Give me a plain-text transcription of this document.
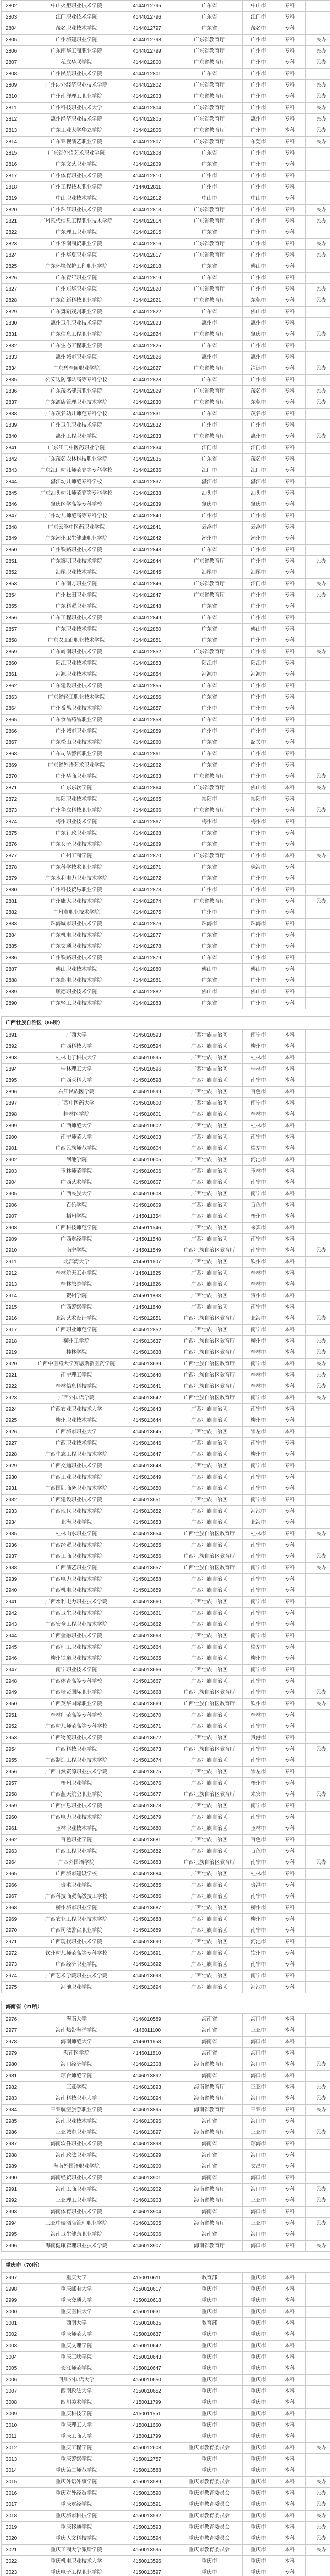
2802	中山火炬职业技术学院	4144012795	广东省	中山市	专科	
2803	江门职业技术学院	4144012796	广东省	江门市	专科	
2804	茂名职业技术学院	4144012797	广东省	茂名市	专科	
2805	广州城建职业学院	4144012798	广东省教育厅	广州市	专科	民办
2806	广东南华工商职业学院	4144012799	广东省教育厅	广州市	专科	民办
2807	私立华联学院	4144012800	广东省教育厅	广州市	专科	民办
2808	广州民航职业技术学院	4144012801	广东省	广州市	专科	
2809	广州涉外经济职业技术学院	4144012802	广东省教育厅	广州市	专科	民办
2810	广州南洋理工职业学院	4144012803	广东省教育厅	广州市	专科	民办
2811	广州科技职业技术大学	4144012804	广东省教育厅	广州市	专科	民办
2812	惠州经济职业技术学院	4144012805	广东省教育厅	惠州市	专科	民办
2813	广东工业大学华立学院	4144012806	广东省教育厅	广州市	本科	民办
2814	广东亚视演艺职业学院	4144012807	广东省教育厅	东莞市	专科	民办
2815	广东省外语艺术职业学院	4144012808	广东省	广州市	专科	
2816	广东文艺职业学院	4144012809	广东省	广州市	专科	
2817	广州体育职业技术学院	4144012810	广州市	广州市	专科	
2818	广州工程技术职业学院	4144012811	广州市	广州市	专科	
2819	中山职业技术学院	4144012812	中山市	中山市	专科	
2820	广州珠江职业技术学院	4144012813	广东省教育厅	广州市	专科	民办
2821	广州现代信息工程职业技术学院	4144012814	广东省教育厅	广州市	专科	民办
2822	广东理工职业学院	4144012815	广东省	广州市	专科	
2823	广州华南商贸职业学院	4144012816	广东省教育厅	广州市	专科	民办
2824	广州华夏职业学院	4144012817	广东省教育厅	广州市	专科	民办
2825	广东环境保护工程职业学院	4144012818	广东省	佛山市	专科	
2826	广东青年职业学院	4144012819	广东省	广州市	专科	
2827	广州东华职业学院	4144012820	广东省教育厅	广州市	专科	民办
2828	广东创新科技职业学院	4144012821	广东省教育厅	东莞市	专科	民办
2829	广东舞蹈戏剧职业学院	4144012822	广东省	佛山市	专科	
2830	惠州卫生职业技术学院	4144012823	惠州市	惠州市	专科	
2831	广东信息工程职业学院	4144012824	广东省教育厅	肇庆市	专科	民办
2832	广东生态工程职业学院	4144012825	广东省	广州市	专科	
2833	惠州城市职业学院	4144012826	惠州市	惠州市	专科	
2834	广东碧桂园职业学院	4144012827	广东省教育厅	清远市	专科	民办
2835	公安边防部队高等专科学校	4144012828	广东省	广州市	专科	
2836	广东茂名健康职业学院	4144012829	广东省教育厅	茂名市	专科	民办
2837	广东酒店管理职业技术学院	4144012830	广东省教育厅	东莞市	专科	民办
2838	广东茂名幼儿师范专科学校	4144012831	广东省	茂名市	专科	
2839	广州卫生职业技术学院	4144012832	广州市	广州市	专科	
2840	惠州工程职业学院	4144012833	广东省教育厅	惠州市	专科	民办
2841	广东江门中医药职业学院	4144012834	江门市	江门市	专科	
2842	广东茂名农林科技职业学院	4144012835	广东省	茂名市	专科	
2843	广东江门幼儿师范高等专科学校	4144012836	江门市	江门市	专科	
2844	湛江幼儿师范专科学校	4144012837	湛江市	湛江市	专科	
2845	广东汕头幼儿师范高等专科学校	4144012838	汕头市	汕头市	专科	
2846	肇庆医学高等专科学校	4144012839	肇庆市	肇庆市	专科	
2847	广州幼儿师范高等专科学校	4144012840	广州市	广州市	专科	
2848	广东云浮中医药职业学院	4144012841	云浮市	云浮市	专科	
2849	广东潮州卫生健康职业学院	4144012842	潮州市	潮州市	专科	
2850	广州铁路职业技术学院	4144012843	广东省	广州市	专科	
2851	广东黎明职业技术学院	4144012844	广东省教育厅	广州市	专科	民办
2852	汕尾职业技术学院	4144012845	汕尾市	汕尾市	专科	
2853	广东南方职业学院	4144012846	广东省教育厅	江门市	专科	民办
2854	广州松田职业学院	4144012847	广东省教育厅	广州市	专科	民办
2855	广东科贸职业学院	4144012848	广东省	广州市	专科	
2856	广东工程职业技术学院	4144012849	广东省	广州市	专科	
2857	广东职业技术学院	4144012850	广东省	佛山市	专科	
2858	广东农工商职业技术学院	4144012851	广东省	广州市	专科	
2859	广东岭南职业技术学院	4144012852	广东省教育厅	广州市	专科	民办
2860	阳江职业技术学院	4144012853	阳江市	阳江市	专科	
2861	河源职业技术学院	4144012854	河源市	河源市	专科	
2862	广东建设职业技术学院	4144012855	广东省	广州市	专科	
2863	广东省轻工职业技术学院	4144012856	广东省	广州市	专科	
2864	广州番禺职业技术学院	4144012857	广州市	广州市	专科	
2865	广东食品药品职业学院	4144012858	广东省	广州市	专科	
2866	广州城市职业学院	4144012859	广州市	广州市	专科	
2867	广东松山职业技术学院	4144012860	广东省	韶关市	专科	
2868	广东司法警官职业学院	4144012861	广东省	广州市	专科	
2869	广东省外语艺术职业学院	4144012862	广东省	广州市	专科	
2870	广州华商职业学院	4144012863	广东省教育厅	广州市	专科	民办
2871	广东东软学院	4144012864	广东省教育厅	佛山市	本科	民办
2872	揭阳职业技术学院	4144012865	揭阳市	揭阳市	专科	
2873	广州华立科技职业学院	4144012866	广东省教育厅	广州市	专科	民办
2874	梅州职业技术学院	4144012867	梅州市	梅州市	专科	
2875	广东行政职业学院	4144012868	广东省	广州市	专科	
2876	广东女子职业技术学院	4144012869	广东省	广州市	专科	
2877	广州工商学院	4144012870	广东省教育厅	广州市	本科	民办
2878	广东科学技术职业学院	4144012871	广东省	珠海市	专科	
2879	广东水利电力职业技术学院	4144012872	广东省	广州市	专科	
2880	广州科技贸易职业学院	4144012873	广州市	广州市	专科	
2881	广州康大职业技术学院	4144012874	广东省教育厅	广州市	专科	民办
2882	广州市职业技术学院	4144012875	广州市	广州市	专科	
2883	珠海城市职业技术学院	4144012876	珠海市	珠海市	专科	
2884	广东机电职业技术学院	4144012877	广东省	广州市	专科	
2885	广东交通职业技术学院	4144012878	广东省	广州市	专科	
2886	广州铁路职业技术学院	4144012879	广东省	广州市	专科	
2887	佛山职业技术学院	4144012880	佛山市	佛山市	专科	
2888	广东邮电职业技术学院	4144012881	广东省	广州市	专科	
2889	顺德职业技术学院	4144012882	佛山市	佛山市	专科	
2890	广东轻工职业技术学院	4144012883	广东省	广州市	专科	

广西壮族自治区（85所）						
2891	广西大学	4145010593	广西壮族自治区	南宁市	本科	
2892	广西科技大学	4145010594	广西壮族自治区	柳州市	本科	
2893	桂林电子科技大学	4145010595	广西壮族自治区	桂林市	本科	
2894	桂林理工大学	4145010596	广西壮族自治区	桂林市	本科	
2895	广西医科大学	4145010598	广西壮族自治区	南宁市	本科	
2896	右江民族医学院	4145010599	广西壮族自治区	百色市	本科	
2897	广西中医药大学	4145010600	广西壮族自治区	南宁市	本科	
2898	桂林医学院	4145010601	广西壮族自治区	桂林市	本科	
2899	广西师范大学	4145010602	广西壮族自治区	桂林市	本科	
2900	南宁师范大学	4145010603	广西壮族自治区	南宁市	本科	
2901	广西民族师范学院	4145010604	广西壮族自治区	崇左市	本科	
2902	河池学院	4145010605	广西壮族自治区	河池市	本科	
2903	玉林师范学院	4145010606	广西壮族自治区	玉林市	本科	
2904	广西艺术学院	4145010607	广西壮族自治区	南宁市	本科	
2905	广西民族大学	4145010608	广西壮族自治区	南宁市	本科	
2906	百色学院	4145010609	广西壮族自治区	百色市	本科	
2907	梧州学院	4145011354	广西壮族自治区	梧州市	本科	
2908	广西科技师范学院	4145011546	广西壮族自治区	来宾市	本科	
2909	广西财经学院	4145011548	广西壮族自治区	南宁市	本科	
2910	南宁学院	4145011549	广西壮族自治区教育厅	南宁市	本科	民办
2911	北部湾大学	4145011607	广西壮族自治区	钦州市	本科	
2912	桂林航天工业学院	4145011825	广西壮族自治区	桂林市	本科	
2913	桂林旅游学院	4145011826	广西壮族自治区	桂林市	本科	
2914	贺州学院	4145011838	广西壮族自治区	贺州市	本科	
2915	广西警察学院	4145011840	广西壮族自治区	南宁市	本科	
2916	北海艺术设计学院	4145012851	广西壮族自治区教育厅	北海市	本科	民办
2917	广西职业师范学院	4145012852	广西壮族自治区	南宁市	本科	
2918	柳州工学院	4145013637	广西壮族自治区教育厅	柳州市	本科	民办
2919	桂林学院	4145013638	广西壮族自治区教育厅	桂林市	本科	民办
2920	广西中医药大学赛恩斯新医药学院	4145013639	广西壮族自治区教育厅	南宁市	本科	民办
2921	南宁理工学院	4145013640	广西壮族自治区教育厅	桂林市	本科	民办
2922	桂林信息科技学院	4145013641	广西壮族自治区教育厅	桂林市	本科	民办
2923	广西外国语学院	4145013642	广西壮族自治区教育厅	南宁市	本科	民办
2924	广西农业职业技术大学	4145013643	广西壮族自治区	南宁市	本科	
2925	柳州职业技术学院	4145013644	广西壮族自治区	柳州市	专科	
2926	广西城市职业大学	4145013645	广西壮族自治区	崇左市	本科	
2927	广西职业技术学院	4145013646	广西壮族自治区	南宁市	专科	
2928	广西生态工程职业技术学院	4145013647	广西壮族自治区	柳州市	专科	
2929	广西交通职业技术学院	4145013648	广西壮族自治区	南宁市	专科	
2930	广西工业职业技术学院	4145013649	广西壮族自治区	南宁市	专科	
2931	广西国际商务职业技术学院	4145013650	广西壮族自治区	南宁市	专科	
2932	广西建设职业技术学院	4145013651	广西壮族自治区	南宁市	专科	
2933	广西现代职业技术学院	4145013652	广西壮族自治区	河池市	专科	
2934	北海职业学院	4145013653	广西壮族自治区	北海市	专科	
2935	桂林山水职业学院	4145013654	广西壮族自治区教育厅	桂林市	专科	民办
2936	广西经贸职业技术学院	4145013655	广西壮族自治区	南宁市	专科	
2937	广西工商职业技术学院	4145013656	广西壮族自治区教育厅	南宁市	专科	民办
2938	广西演艺职业学院	4145013657	广西壮族自治区教育厅	南宁市	专科	民办
2939	广西电力职业技术学院	4145013658	广西壮族自治区	南宁市	专科	
2940	广西机电职业技术学院	4145013659	广西壮族自治区	南宁市	专科	
2941	广西水利电力职业技术学院	4145013660	广西壮族自治区	南宁市	专科	
2942	广西卫生职业技术学院	4145013661	广西壮族自治区	南宁市	专科	
2943	广西安全工程职业技术学院	4145013662	广西壮族自治区	南宁市	专科	
2944	广西金融职业技术学院	4145013663	广西壮族自治区	南宁市	专科	
2945	广西理工职业技术学院	4145013664	广西壮族自治区	崇左市	专科	
2946	柳州铁道职业技术学院	4145013665	广西壮族自治区	柳州市	专科	
2947	南宁职业技术学院	4145013666	广西壮族自治区	南宁市	专科	
2948	广西体育高等专科学校	4145013667	广西壮族自治区	南宁市	专科	
2949	广西培贤国际职业学院	4145013668	广西壮族自治区教育厅	南宁市	专科	民办
2950	广西英华国际职业学院	4145013669	广西壮族自治区教育厅	钦州市	专科	民办
2951	桂林师范高等专科学校	4145013670	广西壮族自治区	桂林市	专科	
2952	广西幼儿师范高等专科学校	4145013671	广西壮族自治区	南宁市	专科	
2953	广西物流职业技术学院	4145013672	广西壮族自治区	贵港市	专科	
2954	广西科技职业学院	4145013673	广西壮族自治区教育厅	南宁市	专科	民办
2955	广西制造工程职业技术学院	4145013674	广西壮族自治区	南宁市	专科	
2956	广西自然资源职业技术学院	4145013675	广西壮族自治区	崇左市	专科	
2957	梧州职业学院	4145013676	广西壮族自治区	梧州市	专科	
2958	广西蓝天航空职业学院	4145013677	广西壮族自治区教育厅	来宾市	专科	民办
2959	广西信息职业技术学院	4145013678	广西壮族自治区	南宁市	专科	
2960	广西电力职业技术学院	4145013679	广西壮族自治区	南宁市	专科	
2961	玉林职业技术学院	4145013680	广西壮族自治区	玉林市	专科	
2962	百色职业学院	4145013681	广西壮族自治区	百色市	专科	
2963	广西工程职业学院	4145013682	广西壮族自治区	百色市	专科	
2964	广西外国语学院	4145013683	广西壮族自治区教育厅	南宁市	专科	民办
2965	广西城市建设学校	4145013684	广西壮族自治区	桂林市	专科	
2966	贵港职业学院	4145013685	广西壮族自治区	贵港市	专科	
2967	广西科技商贸高级技工学校	4145013686	广西壮族自治区	南宁市	专科	
2968	柳州城市职业学院	4145013687	广西壮族自治区	柳州市	专科	
2969	广西农业工程职业技术学院	4145013688	广西壮族自治区	柳州市	专科	
2970	广西司法警官职业学院	4145013689	广西壮族自治区	南宁市	专科	
2971	广西现代职业技术学院	4145013690	广西壮族自治区	河池市	专科	
2972	钦州幼儿师范高等专科学校	4145013691	广西壮族自治区	钦州市	专科	
2973	广西经济职业学院	4145013692	广西壮族自治区	南宁市	专科	
2974	广西艺术学院职业技术学院	4145013693	广西壮族自治区	南宁市	专科	
2975	河池职业学院	4145013694	广西壮族自治区	河池市	专科	

海南省（21所）						
2976	海南大学	4146010589	海南省	海口市	本科	
2977	海南热带海洋学院	4146011100	海南省	三亚市	本科	
2978	海南师范大学	4146011658	海南省	海口市	本科	
2979	海南医学院	4146011810	海南省	海口市	本科	
2980	海口经济学院	4146012308	海南省教育厅	海口市	本科	民办
2981	琼台师范学院	4146013892	海南省	海口市	本科	
2982	三亚学院	4146013893	海南省教育厅	三亚市	本科	民办
2983	海南科技职业大学	4146013894	海南省教育厅	海口市	本科	民办
2984	三亚航空旅游职业学院	4146013895	海南省教育厅	三亚市	专科	民办
2985	海南职业技术学院	4146013896	海南省	海口市	专科	
2986	三亚城市职业学院	4146013897	海南省教育厅	三亚市	专科	民办
2987	海南软件职业技术学院	4146013898	海南省	琼海市	专科	
2988	海南政法职业学院	4146013899	海南省	海口市	专科	
2989	海南外国语职业学院	4146013900	海南省	文昌市	专科	
2990	海南经贸职业技术学院	4146013901	海南省	海口市	专科	
2991	海南工商职业学院	4146013902	海南省教育厅	海口市	专科	民办
2992	三亚理工职业学院	4146013903	海南省教育厅	三亚市	专科	民办
2993	海南体育职业技术学院	4146013904	海南省	海口市	专科	
2994	三亚中瑞酒店管理职业学院	4146013905	海南省教育厅	三亚市	专科	民办
2995	海南卫生健康职业学院	4146013906	海南省	海口市	专科	
2996	海南健康管理职业技术学院	4146013907	海南省教育厅	海口市	专科	民办

重庆市（70所）						
2997	重庆大学	4150010611	教育部	重庆市	本科	
2998	重庆邮电大学	4150010617	重庆市	重庆市	本科	
2999	重庆交通大学	4150010618	重庆市	重庆市	本科	
3000	重庆医科大学	4150010631	重庆市	重庆市	本科	
3001	西南大学	4150010635	教育部	重庆市	本科	
3002	重庆师范大学	4150010637	重庆市	重庆市	本科	
3003	重庆文理学院	4150010642	重庆市	重庆市	本科	
3004	重庆三峡学院	4150010643	重庆市	重庆市	本科	
3005	长江师范学院	4150010647	重庆市	重庆市	本科	
3006	四川外国语大学	4150010650	重庆市	重庆市	本科	
3007	西南政法大学	4150010652	重庆市	重庆市	本科	
3008	四川美术学院	4150011799	重庆市	重庆市	本科	
3009	重庆科技学院	4150011551	重庆市	重庆市	本科	
3010	重庆理工大学	4150011660	重庆市	重庆市	本科	
3011	重庆工商大学	4150011799	重庆市	重庆市	本科	
3012	重庆工程学院	4150012608	重庆市教育委员会	重庆市	本科	民办
3013	重庆警察学院	4150012757	重庆市	重庆市	本科	
3014	重庆第二师范学院	4150013588	重庆市	重庆市	本科	
3015	重庆外语外事学院	4150013589	重庆市教育委员会	重庆市	本科	民办
3016	重庆对外经贸学院	4150013590	重庆市教育委员会	重庆市	本科	民办
3017	重庆财经学院	4150013591	重庆市教育委员会	重庆市	本科	民办
3018	重庆城市科技学院	4150013592	重庆市教育委员会	重庆市	本科	民办
3019	重庆移通学院	4150013593	重庆市教育委员会	重庆市	本科	民办
3020	重庆人文科技学院	4150013594	重庆市教育委员会	重庆市	本科	民办
3021	重庆工商大学派斯学院	4150013595	重庆市教育委员会	重庆市	本科	民办
3022	重庆机电职业技术大学	4150013596	重庆市	重庆市	本科	
3023	重庆电子工程职业学院	4150013597	重庆市	重庆市	专科	
